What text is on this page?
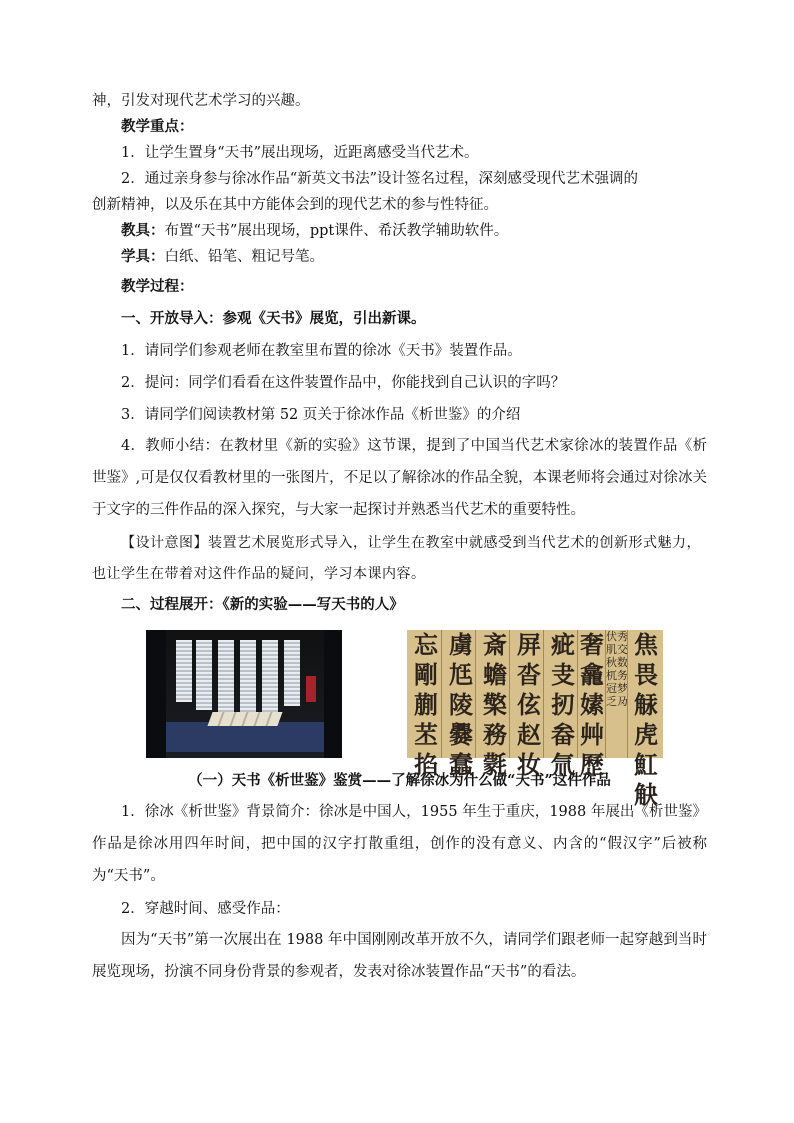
神，引发对现代艺术学习的兴趣。
教学重点：
1．让学生置身“天书”展出现场，近距离感受当代艺术。
2．通过亲身参与徐冰作品“新英文书法”设计签名过程，深刻感受现代艺术强调的
创新精神，以及乐在其中方能体会到的现代艺术的参与性特征。
教具：布置“天书”展出现场，ppt课件、希沃教学辅助软件。
学具：白纸、铅笔、粗记号笔。
教学过程：
一、开放导入：参观《天书》展览，引出新课。
1．请同学们参观老师在教室里布置的徐冰《天书》装置作品。
2．提问：同学们看看在这件装置作品中，你能找到自己认识的字吗？
3．请同学们阅读教材第 52 页关于徐冰作品《析世鉴》的介绍
4．教师小结：在教材里《新的实验》这节课，提到了中国当代艺术家徐冰的装置作品《析世鉴》,可是仅仅看教材里的一张图片，不足以了解徐冰的作品全貌，本课老师将会通过对徐冰关于文字的三件作品的深入探究，与大家一起探讨并熟悉当代艺术的重要特性。
【设计意图】装置艺术展览形式导入，让学生在教室中就感受到当代艺术的创新形式魅力，也让学生在带着对这件作品的疑问，学习本课内容。
二、过程展开：《新的实验——写天书的人》
忘剛蒯苤掐
虜尪陵爨蠢
斎蟾檠務氋
屏沓伭赵妆
疵叏扨畚氚
奢龕嫊艸歷
伏秀肌交秋数杌务冠梦乏夃
焦畏觨虎魟觖
（一）天书《析世鉴》鉴赏——了解徐冰为什么做“天书”这件作品
1．徐冰《析世鉴》背景简介：徐冰是中国人，1955 年生于重庆，1988 年展出《析世鉴》作品是徐冰用四年时间，把中国的汉字打散重组，创作的没有意义、内含的“假汉字”后被称为“天书”。
2．穿越时间、感受作品：
因为“天书”第一次展出在 1988 年中国刚刚改革开放不久，请同学们跟老师一起穿越到当时展览现场，扮演不同身份背景的参观者，发表对徐冰装置作品“天书”的看法。
